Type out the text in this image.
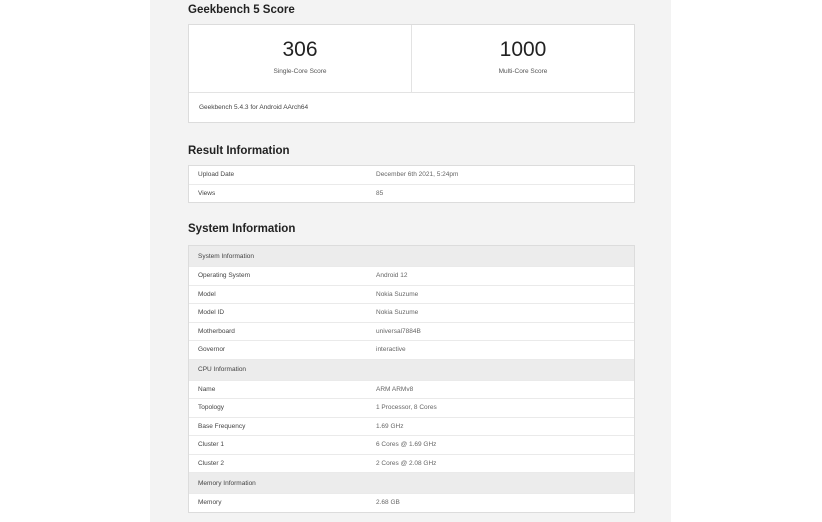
Geekbench 5 Score
306
Single-Core Score
1000
Multi-Core Score
Geekbench 5.4.3 for Android AArch64
Result Information
Upload Date	December 6th 2021, 5:24pm
Views	85
System Information
System Information	
Operating System	Android 12
Model	Nokia Suzume
Model ID	Nokia Suzume
Motherboard	universal7884B
Governor	interactive
CPU Information	
Name	ARM ARMv8
Topology	1 Processor, 8 Cores
Base Frequency	1.69 GHz
Cluster 1	6 Cores @ 1.69 GHz
Cluster 2	2 Cores @ 2.08 GHz
Memory Information	
Memory	2.68 GB
